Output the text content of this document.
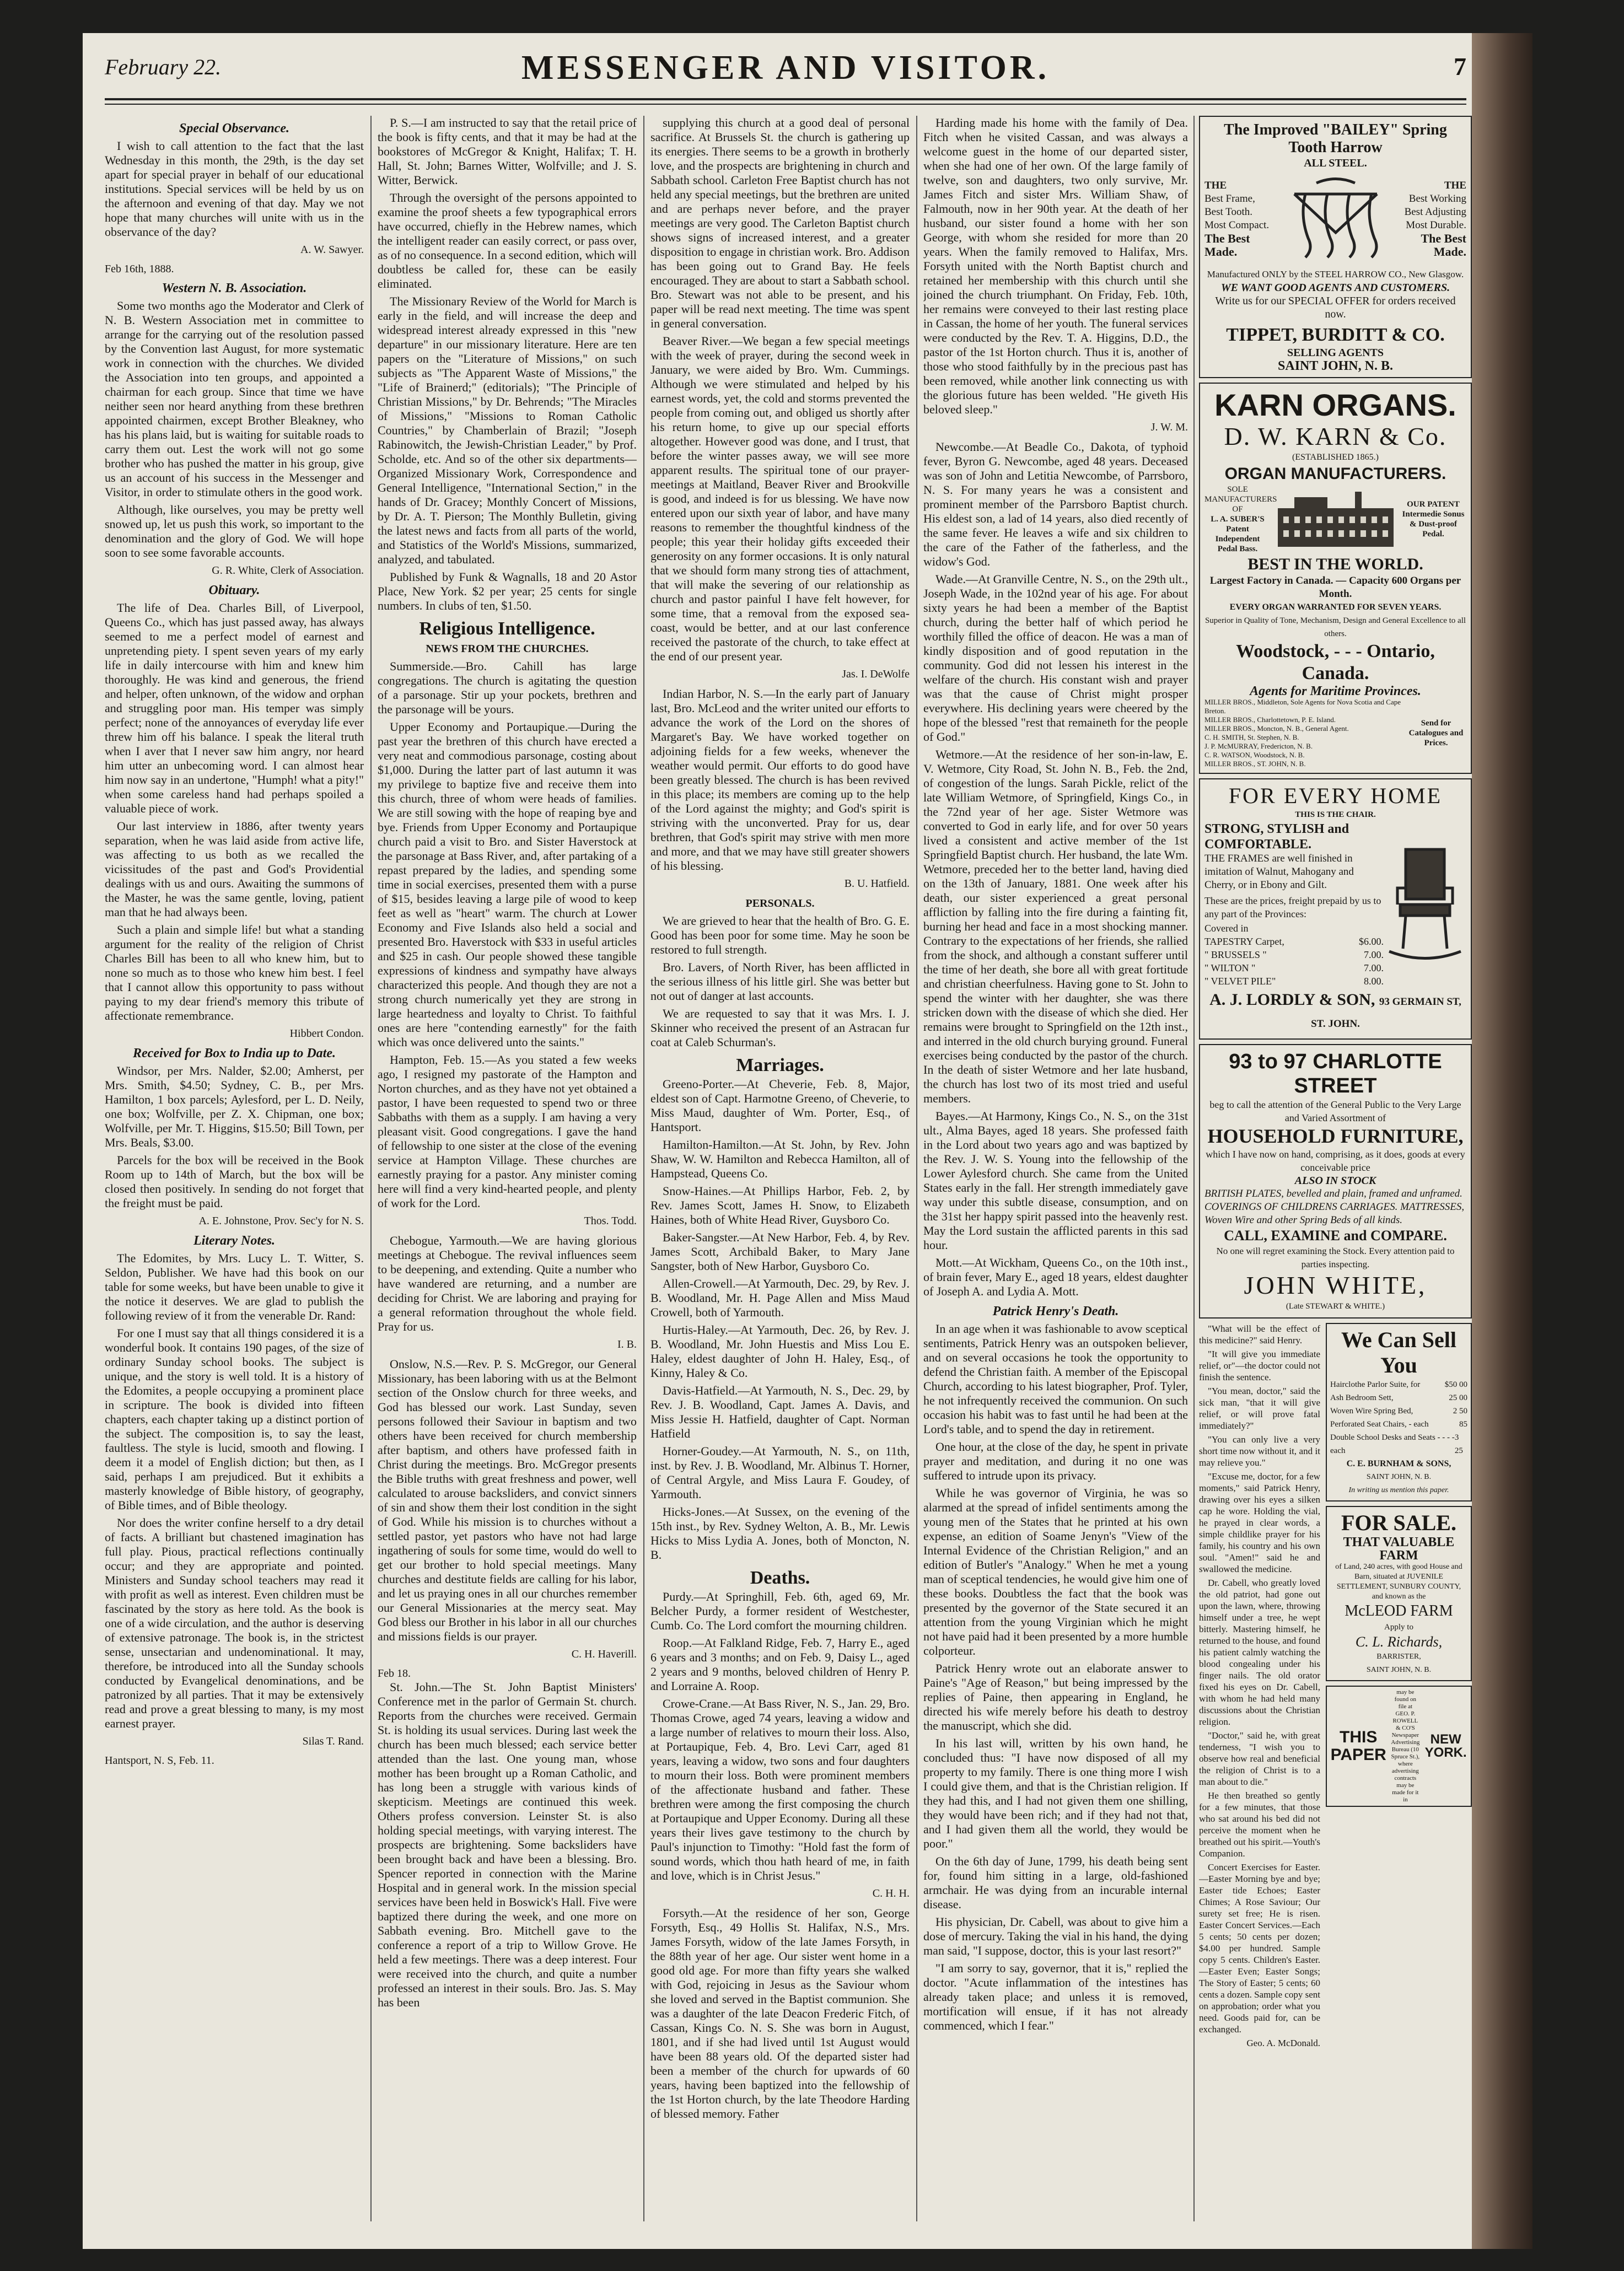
February 22.	MESSENGER AND VISITOR.	7
Special Observance.

I wish to call attention to the fact that the last Wednesday in this month, the 29th, is the day set apart for special prayer in behalf of our educational institutions. Special services will be held by us on the afternoon and evening of that day. May we not hope that many churches will unite with us in the observance of the day?

A. W. Sawyer.
Feb 16th, 1888.
Western N. B. Association.

Some two months ago the Moderator and Clerk of N. B. Western Association met in committee to arrange for the carrying out of the resolution passed by the Convention last August, for more systematic work in connection with the churches. We divided the Association into ten groups, and appointed a chairman for each group. Since that time we have neither seen nor heard anything from these brethren appointed chairmen, except Brother Bleakney, who has his plans laid, but is waiting for suitable roads to carry them out. Lest the work will not go some brother who has pushed the matter in his group, give us an account of his success in the Messenger and Visitor, in order to stimulate others in the good work.

Although, like ourselves, you may be pretty well snowed up, let us push this work, so important to the denomination and the glory of God. We will hope soon to see some favorable accounts.

G. R. White, Clerk of Association.
Obituary.

The life of Dea. Charles Bill, of Liverpool, Queens Co., which has just passed away, has always seemed to me a perfect model of earnest and unpretending piety. I spent seven years of my early life in daily intercourse with him and knew him thoroughly. He was kind and generous, the friend and helper, often unknown, of the widow and orphan and struggling poor man. His temper was simply perfect; none of the annoyances of everyday life ever threw him off his balance. I speak the literal truth when I aver that I never saw him angry, nor heard him utter an unbecoming word. I can almost hear him now say in an undertone, "Humph! what a pity!" when some careless hand had perhaps spoiled a valuable piece of work.

Our last interview in 1886, after twenty years separation, when he was laid aside from active life, was affecting to us both as we recalled the vicissitudes of the past and God's Providential dealings with us and ours. Awaiting the summons of the Master, he was the same gentle, loving, patient man that he had always been.

Such a plain and simple life! but what a standing argument for the reality of the religion of Christ Charles Bill has been to all who knew him, but to none so much as to those who knew him best. I feel that I cannot allow this opportunity to pass without paying to my dear friend's memory this tribute of affectionate remembrance.

Hibbert Condon.
Received for Box to India up to Date.

Windsor, per Mrs. Nalder, $2.00; Amherst, per Mrs. Smith, $4.50; Sydney, C. B., per Mrs. Hamilton, 1 box parcels; Aylesford, per L. D. Neily, one box; Wolfville, per Z. X. Chipman, one box; Wolfville, per Mr. T. Higgins, $15.50; Bill Town, per Mrs. Beals, $3.00.

Parcels for the box will be received in the Book Room up to 14th of March, but the box will be closed then positively. In sending do not forget that the freight must be paid.

A. E. Johnstone, Prov. Sec'y for N. S.
Literary Notes.

The Edomites, by Mrs. Lucy L. T. Witter, S. Seldon, Publisher. We have had this book on our table for some weeks, but have been unable to give it the notice it deserves. We are glad to publish the following review of it from the venerable Dr. Rand:

For one I must say that all things considered it is a wonderful book. It contains 190 pages, of the size of ordinary Sunday school books. The subject is unique, and the story is well told. It is a history of the Edomites, a people occupying a prominent place in scripture. The book is divided into fifteen chapters, each chapter taking up a distinct portion of the subject. The composition is, to say the least, faultless. The style is lucid, smooth and flowing. I deem it a model of English diction; but then, as I said, perhaps I am prejudiced. But it exhibits a masterly knowledge of Bible history, of geography, of Bible times, and of Bible theology.

Nor does the writer confine herself to a dry detail of facts. A brilliant but chastened imagination has full play. Pious, practical reflections continually occur; and they are appropriate and pointed. Ministers and Sunday school teachers may read it with profit as well as interest. Even children must be fascinated by the story as here told. As the book is one of a wide circulation, and the author is deserving of extensive patronage. The book is, in the strictest sense, unsectarian and undenominational. It may, therefore, be introduced into all the Sunday schools conducted by Evangelical denominations, and be patronized by all parties. That it may be extensively read and prove a great blessing to many, is my most earnest prayer.

Silas T. Rand.
Hantsport, N. S, Feb. 11.

P. S.—I am instructed to say that the retail price of the book is fifty cents, and that it may be had at the bookstores of McGregor & Knight, Halifax; T. H. Hall, St. John; Barnes Witter, Wolfville; and J. S. Witter, Berwick.

Through the oversight of the persons appointed to examine the proof sheets a few typographical errors have occurred, chiefly in the Hebrew names, which the intelligent reader can easily correct, or pass over, as of no consequence. In a second edition, which will doubtless be called for, these can be easily eliminated.

The Missionary Review of the World for March is early in the field, and will increase the deep and widespread interest already expressed in this "new departure" in our missionary literature. Here are ten papers on the "Literature of Missions," on such subjects as "The Apparent Waste of Missions," the "Life of Brainerd;" (editorials); "The Principle of Christian Missions," by Dr. Behrends; "The Miracles of Missions," "Missions to Roman Catholic Countries," by Chamberlain of Brazil; "Joseph Rabinowitch, the Jewish-Christian Leader," by Prof. Scholde, etc. And so of the other six departments—Organized Missionary Work, Correspondence and General Intelligence, "International Section," in the hands of Dr. Gracey; Monthly Concert of Missions, by Dr. A. T. Pierson; The Monthly Bulletin, giving the latest news and facts from all parts of the world, and Statistics of the World's Missions, summarized, analyzed, and tabulated.

Published by Funk & Wagnalls, 18 and 20 Astor Place, New York. $2 per year; 25 cents for single numbers. In clubs of ten, $1.50.

Religious Intelligence.
NEWS FROM THE CHURCHES.

Summerside.—Bro. Cahill has large congregations. The church is agitating the question of a parsonage. Stir up your pockets, brethren and the parsonage will be yours.

Upper Economy and Portaupique.—During the past year the brethren of this church have erected a very neat and commodious parsonage, costing about $1,000. During the latter part of last autumn it was my privilege to baptize five and receive them into this church, three of whom were heads of families. We are still sowing with the hope of reaping bye and bye. Friends from Upper Economy and Portaupique church paid a visit to Bro. and Sister Haverstock at the parsonage at Bass River, and, after partaking of a repast prepared by the ladies, and spending some time in social exercises, presented them with a purse of $15, besides leaving a large pile of wood to keep feet as well as "heart" warm. The church at Lower Economy and Five Islands also held a social and presented Bro. Haverstock with $33 in useful articles and $25 in cash. Our people showed these tangible expressions of kindness and sympathy have always characterized this people. And though they are not a strong church numerically yet they are strong in large heartedness and loyalty to Christ. To faithful ones are here "contending earnestly" for the faith which was once delivered unto the saints."

Hampton, Feb. 15.—As you stated a few weeks ago, I resigned my pastorate of the Hampton and Norton churches, and as they have not yet obtained a pastor, I have been requested to spend two or three Sabbaths with them as a supply. I am having a very pleasant visit. Good congregations. I gave the hand of fellowship to one sister at the close of the evening service at Hampton Village. These churches are earnestly praying for a pastor. Any minister coming here will find a very kind-hearted people, and plenty of work for the Lord.

Thos. Todd.

Chebogue, Yarmouth.—We are having glorious meetings at Chebogue. The revival influences seem to be deepening, and extending. Quite a number who have wandered are returning, and a number are deciding for Christ. We are laboring and praying for a general reformation throughout the whole field. Pray for us.

I. B.

Onslow, N.S.—Rev. P. S. McGregor, our General Missionary, has been laboring with us at the Belmont section of the Onslow church for three weeks, and God has blessed our work. Last Sunday, seven persons followed their Saviour in baptism and two others have been received for church membership after baptism, and others have professed faith in Christ during the meetings. Bro. McGregor presents the Bible truths with great freshness and power, well calculated to arouse backsliders, and convict sinners of sin and show them their lost condition in the sight of God. While his mission is to churches without a settled pastor, yet pastors who have not had large ingathering of souls for some time, would do well to get our brother to hold special meetings. Many churches and destitute fields are calling for his labor, and let us praying ones in all our churches remember our General Missionaries at the mercy seat. May God bless our Brother in his labor in all our churches and missions fields is our prayer.

C. H. Haverill.
Feb 18.

St. John.—The St. John Baptist Ministers' Conference met in the parlor of Germain St. church. Reports from the churches were received. Germain St. is holding its usual services. During last week the church has been much blessed; each service better attended than the last. One young man, whose mother has been brought up a Roman Catholic, and has long been a struggle with various kinds of skepticism. Meetings are continued this week. Others profess conversion. Leinster St. is also holding special meetings, with varying interest. The prospects are brightening. Some backsliders have been brought back and have been a blessing. Bro. Spencer reported in connection with the Marine Hospital and in general work. In the mission special services have been held in Boswick's Hall. Five were baptized there during the week, and one more on Sabbath evening. Bro. Mitchell gave to the conference a report of a trip to Willow Grove. He held a few meetings. There was a deep interest. Four were received into the church, and quite a number professed an interest in their souls. Bro. Jas. S. May has been

supplying this church at a good deal of personal sacrifice. At Brussels St. the church is gathering up its energies. There seems to be a growth in brotherly love, and the prospects are brightening in church and Sabbath school. Carleton Free Baptist church has not held any special meetings, but the brethren are united and are perhaps never before, and the prayer meetings are very good. The Carleton Baptist church shows signs of increased interest, and a greater disposition to engage in christian work. Bro. Addison has been going out to Grand Bay. He feels encouraged. They are about to start a Sabbath school. Bro. Stewart was not able to be present, and his paper will be read next meeting. The time was spent in general conversation.

Beaver River.—We began a few special meetings with the week of prayer, during the second week in January, we were aided by Bro. Wm. Cummings. Although we were stimulated and helped by his earnest words, yet, the cold and storms prevented the people from coming out, and obliged us shortly after his return home, to give up our special efforts altogether. However good was done, and I trust, that before the winter passes away, we will see more apparent results. The spiritual tone of our prayer-meetings at Maitland, Beaver River and Brookville is good, and indeed is for us blessing. We have now entered upon our sixth year of labor, and have many reasons to remember the thoughtful kindness of the people; this year their holiday gifts exceeded their generosity on any former occasions. It is only natural that we should form many strong ties of attachment, that will make the severing of our relationship as church and pastor painful I have felt however, for some time, that a removal from the exposed sea-coast, would be better, and at our last conference received the pastorate of the church, to take effect at the end of our present year.

Jas. I. DeWolfe

Indian Harbor, N. S.—In the early part of January last, Bro. McLeod and the writer united our efforts to advance the work of the Lord on the shores of Margaret's Bay. We have worked together on adjoining fields for a few weeks, whenever the weather would permit. Our efforts to do good have been greatly blessed. The church is has been revived in this place; its members are coming up to the help of the Lord against the mighty; and God's spirit is striving with the unconverted. Pray for us, dear brethren, that God's spirit may strive with men more and more, and that we may have still greater showers of his blessing.

B. U. Hatfield.
PERSONALS.

We are grieved to hear that the health of Bro. G. E. Good has been poor for some time. May he soon be restored to full strength.

Bro. Lavers, of North River, has been afflicted in the serious illness of his little girl. She was better but not out of danger at last accounts.

We are requested to say that it was Mrs. I. J. Skinner who received the present of an Astracan fur coat at Caleb Schurman's.

Marriages.

Greeno-Porter.—At Cheverie, Feb. 8, Major, eldest son of Capt. Harmotne Greeno, of Cheverie, to Miss Maud, daughter of Wm. Porter, Esq., of Hantsport.

Hamilton-Hamilton.—At St. John, by Rev. John Shaw, W. W. Hamilton and Rebecca Hamilton, all of Hampstead, Queens Co.

Snow-Haines.—At Phillips Harbor, Feb. 2, by Rev. James Scott, James H. Snow, to Elizabeth Haines, both of White Head River, Guysboro Co.

Baker-Sangster.—At New Harbor, Feb. 4, by Rev. James Scott, Archibald Baker, to Mary Jane Sangster, both of New Harbor, Guysboro Co.

Allen-Crowell.—At Yarmouth, Dec. 29, by Rev. J. B. Woodland, Mr. H. Page Allen and Miss Maud Crowell, both of Yarmouth.

Hurtis-Haley.—At Yarmouth, Dec. 26, by Rev. J. B. Woodland, Mr. John Huestis and Miss Lou E. Haley, eldest daughter of John H. Haley, Esq., of Kinny, Haley & Co.

Davis-Hatfield.—At Yarmouth, N. S., Dec. 29, by Rev. J. B. Woodland, Capt. James A. Davis, and Miss Jessie H. Hatfield, daughter of Capt. Norman Hatfield

Horner-Goudey.—At Yarmouth, N. S., on 11th, inst. by Rev. J. B. Woodland, Mr. Albinus T. Horner, of Central Argyle, and Miss Laura F. Goudey, of Yarmouth.

Hicks-Jones.—At Sussex, on the evening of the 15th inst., by Rev. Sydney Welton, A. B., Mr. Lewis Hicks to Miss Lydia A. Jones, both of Moncton, N. B.

Deaths.

Purdy.—At Springhill, Feb. 6th, aged 69, Mr. Belcher Purdy, a former resident of Westchester, Cumb. Co. The Lord comfort the mourning children.

Roop.—At Falkland Ridge, Feb. 7, Harry E., aged 6 years and 3 months; and on Feb. 9, Daisy L., aged 2 years and 9 months, beloved children of Henry P. and Lorraine A. Roop.

Crowe-Crane.—At Bass River, N. S., Jan. 29, Bro. Thomas Crowe, aged 74 years, leaving a widow and a large number of relatives to mourn their loss. Also, at Portaupique, Feb. 4, Bro. Levi Carr, aged 81 years, leaving a widow, two sons and four daughters to mourn their loss. Both were prominent members of the affectionate husband and father. These brethren were among the first composing the church at Portaupique and Upper Economy. During all these years their lives gave testimony to the church by Paul's injunction to Timothy: "Hold fast the form of sound words, which thou hath heard of me, in faith and love, which is in Christ Jesus."

C. H. H.

Forsyth.—At the residence of her son, George Forsyth, Esq., 49 Hollis St. Halifax, N.S., Mrs. James Forsyth, widow of the late James Forsyth, in the 88th year of her age. Our sister went home in a good old age. For more than fifty years she walked with God, rejoicing in Jesus as the Saviour whom she loved and served in the Baptist communion. She was a daughter of the late Deacon Frederic Fitch, of Cassan, Kings Co. N. S. She was born in August, 1801, and if she had lived until 1st August would have been 88 years old. Of the departed sister had been a member of the church for upwards of 60 years, having been baptized into the fellowship of the 1st Horton church, by the late Theodore Harding of blessed memory. Father

Harding made his home with the family of Dea. Fitch when he visited Cassan, and was always a welcome guest in the home of our departed sister, when she had one of her own. Of the large family of twelve, son and daughters, two only survive, Mr. James Fitch and sister Mrs. William Shaw, of Falmouth, now in her 90th year. At the death of her husband, our sister found a home with her son George, with whom she resided for more than 20 years. When the family removed to Halifax, Mrs. Forsyth united with the North Baptist church and retained her membership with this church until she joined the church triumphant. On Friday, Feb. 10th, her remains were conveyed to their last resting place in Cassan, the home of her youth. The funeral services were conducted by the Rev. T. A. Higgins, D.D., the pastor of the 1st Horton church. Thus it is, another of those who stood faithfully by in the precious past has been removed, while another link connecting us with the glorious future has been welded. "He giveth His beloved sleep."

J. W. M.

Newcombe.—At Beadle Co., Dakota, of typhoid fever, Byron G. Newcombe, aged 48 years. Deceased was son of John and Letitia Newcombe, of Parrsboro, N. S. For many years he was a consistent and prominent member of the Parrsboro Baptist church. His eldest son, a lad of 14 years, also died recently of the same fever. He leaves a wife and six children to the care of the Father of the fatherless, and the widow's God.

Wade.—At Granville Centre, N. S., on the 29th ult., Joseph Wade, in the 102nd year of his age. For about sixty years he had been a member of the Baptist church, during the better half of which period he worthily filled the office of deacon. He was a man of kindly disposition and of good reputation in the community. God did not lessen his interest in the welfare of the church. His constant wish and prayer was that the cause of Christ might prosper everywhere. His declining years were cheered by the hope of the blessed "rest that remaineth for the people of God."

Wetmore.—At the residence of her son-in-law, E. V. Wetmore, City Road, St. John N. B., Feb. the 2nd, of congestion of the lungs. Sarah Pickle, relict of the late William Wetmore, of Springfield, Kings Co., in the 72nd year of her age. Sister Wetmore was converted to God in early life, and for over 50 years lived a consistent and active member of the 1st Springfield Baptist church. Her husband, the late Wm. Wetmore, preceded her to the better land, having died on the 13th of January, 1881. One week after his death, our sister experienced a great personal affliction by falling into the fire during a fainting fit, burning her head and face in a most shocking manner. Contrary to the expectations of her friends, she rallied from the shock, and although a constant sufferer until the time of her death, she bore all with great fortitude and christian cheerfulness. Having gone to St. John to spend the winter with her daughter, she was there stricken down with the disease of which she died. Her remains were brought to Springfield on the 12th inst., and interred in the old church burying ground. Funeral exercises being conducted by the pastor of the church. In the death of sister Wetmore and her late husband, the church has lost two of its most tried and useful members.

Bayes.—At Harmony, Kings Co., N. S., on the 31st ult., Alma Bayes, aged 18 years. She professed faith in the Lord about two years ago and was baptized by the Rev. J. W. S. Young into the fellowship of the Lower Aylesford church. She came from the United States early in the fall. Her strength immediately gave way under this subtle disease, consumption, and on the 31st her happy spirit passed into the heavenly rest. May the Lord sustain the afflicted parents in this sad hour.

Mott.—At Wickham, Queens Co., on the 10th inst., of brain fever, Mary E., aged 18 years, eldest daughter of Joseph A. and Lydia A. Mott.

Patrick Henry's Death.

In an age when it was fashionable to avow sceptical sentiments, Patrick Henry was an outspoken believer, and on several occasions he took the opportunity to defend the Christian faith. A member of the Episcopal Church, according to his latest biographer, Prof. Tyler, he not infrequently received the communion. On such occasion his habit was to fast until he had been at the Lord's table, and to spend the day in retirement.

One hour, at the close of the day, he spent in private prayer and meditation, and during it no one was suffered to intrude upon its privacy.

While he was governor of Virginia, he was so alarmed at the spread of infidel sentiments among the young men of the States that he printed at his own expense, an edition of Soame Jenyn's "View of the Internal Evidence of the Christian Religion," and an edition of Butler's "Analogy." When he met a young man of sceptical tendencies, he would give him one of these books. Doubtless the fact that the book was presented by the governor of the State secured it an attention from the young Virginian which he might not have paid had it been presented by a more humble colporteur.

Patrick Henry wrote out an elaborate answer to Paine's "Age of Reason," but being impressed by the replies of Paine, then appearing in England, he directed his wife merely before his death to destroy the manuscript, which she did.

In his last will, written by his own hand, he concluded thus: "I have now disposed of all my property to my family. There is one thing more I wish I could give them, and that is the Christian religion. If they had this, and I had not given them one shilling, they would have been rich; and if they had not that, and I had given them all the world, they would be poor."

On the 6th day of June, 1799, his death being sent for, found him sitting in a large, old-fashioned armchair. He was dying from an incurable internal disease.

His physician, Dr. Cabell, was about to give him a dose of mercury. Taking the vial in his hand, the dying man said, "I suppose, doctor, this is your last resort?"

"I am sorry to say, governor, that it is," replied the doctor. "Acute inflammation of the intestines has already taken place; and unless it is removed, mortification will ensue, if it has not already commenced, which I fear."

The Improved "BAILEY" Spring Tooth Harrow
ALL STEEL.
THE
Best Frame,
Best Tooth.
Most Compact.
The Best Made.
THE
Best Working
Best Adjusting
Most Durable.
The Best Made.
Manufactured ONLY by the STEEL HARROW CO., New Glasgow.
WE WANT GOOD AGENTS AND CUSTOMERS.
Write us for our SPECIAL OFFER for orders received now.
TIPPET, BURDITT & CO.
SELLING AGENTS
SAINT JOHN, N. B.
KARN ORGANS.
D. W. KARN & Co.
(ESTABLISHED 1865.)
ORGAN MANUFACTURERS.
SOLE MANUFACTURERS OF
L. A. SUBER'S Patent Independent Pedal Bass.
OUR PATENT Intermedie Sonus & Dust-proof Pedal.
BEST IN THE WORLD.
Largest Factory in Canada. — Capacity 600 Organs per Month.
EVERY ORGAN WARRANTED FOR SEVEN YEARS.
Superior in Quality of Tone, Mechanism, Design and General Excellence to all others.
Woodstock, - - - Ontario, Canada.
Agents for Maritime Provinces.
MILLER BROS., Middleton, Sole Agents for Nova Scotia and Cape Breton.
MILLER BROS., Charlottetown, P. E. Island.
MILLER BROS., Moncton, N. B., General Agent.
C. H. SMITH, St. Stephen, N. B.
J. P. McMURRAY, Fredericton, N. B.
C. R. WATSON, Woodstock, N. B.
MILLER BROS., ST. JOHN, N. B.
Send for Catalogues and Prices.
FOR EVERY HOME
THIS IS THE CHAIR.
STRONG, STYLISH and COMFORTABLE.
THE FRAMES are well finished in imitation of Walnut, Mahogany and Cherry, or in Ebony and Gilt.
These are the prices, freight prepaid by us to any part of the Provinces:
Covered in
TAPESTRY Carpet,	$6.00.
" BRUSSELS "	7.00.
" WILTON "	7.00.
" VELVET PILE"	8.00.
A. J. LORDLY & SON, 93 GERMAIN ST, ST. JOHN.
93 to 97 CHARLOTTE STREET
beg to call the attention of the General Public to the Very Large and Varied Assortment of
HOUSEHOLD FURNITURE,
which I have now on hand, comprising, as it does, goods at every conceivable price
ALSO IN STOCK
BRITISH PLATES, bevelled and plain, framed and unframed. COVERINGS OF CHILDRENS CARRIAGES. MATTRESSES, Woven Wire and other Spring Beds of all kinds.
CALL, EXAMINE and COMPARE.
No one will regret examining the Stock. Every attention paid to parties inspecting.
JOHN WHITE,
(Late STEWART & WHITE.)

"What will be the effect of this medicine?" said Henry.

"It will give you immediate relief, or"—the doctor could not finish the sentence.

"You mean, doctor," said the sick man, "that it will give relief, or will prove fatal immediately?"

"You can only live a very short time now without it, and it may relieve you."

"Excuse me, doctor, for a few moments," said Patrick Henry, drawing over his eyes a silken cap he wore. Holding the vial, he prayed in clear words, a simple childlike prayer for his family, his country and his own soul. "Amen!" said he and swallowed the medicine.

Dr. Cabell, who greatly loved the old patriot, had gone out upon the lawn, where, throwing himself under a tree, he wept bitterly. Mastering himself, he returned to the house, and found his patient calmly watching the blood congealing under his finger nails. The old orator fixed his eyes on Dr. Cabell, with whom he had held many discussions about the Christian religion.

"Doctor," said he, with great tenderness, "I wish you to observe how real and beneficial the religion of Christ is to a man about to die."

He then breathed so gently for a few minutes, that those who sat around his bed did not perceive the moment when he breathed out his spirit.—Youth's Companion.

Concert Exercises for Easter.—Easter Morning bye and bye; Easter tide Echoes; Easter Chimes; A Rose Saviour; Our surety set free; He is risen. Easter Concert Services.—Each 5 cents; 50 cents per dozen; $4.00 per hundred. Sample copy 5 cents. Children's Easter.—Easter Even; Easter Songs; The Story of Easter; 5 cents; 60 cents a dozen. Sample copy sent on approbation; order what you need. Goods paid for, can be exchanged.

Geo. A. McDonald.
We Can Sell You
Hairclothe Parlor Suite, for	$50 00
Ash Bedroom Sett,	25 00
Woven Wire Spring Bed,	2 50
Perforated Seat Chairs, - each	85
Double School Desks and Seats - - - - each
3 25
C. E. BURNHAM & SONS,
SAINT JOHN, N. B.
In writing us mention this paper.
FOR SALE.
THAT VALUABLE FARM
of Land, 240 acres, with good House and Barn, situated at JUVENILE SETTLEMENT, SUNBURY COUNTY, and known as the
McLEOD FARM
Apply to
C. L. Richards,
BARRISTER,
SAINT JOHN, N. B.
THIS PAPER
may be found on file at GEO. P. ROWELL & CO'S Newspaper Advertising Bureau (10 Spruce St.), where advertising contracts may be made for it in
NEW YORK.
